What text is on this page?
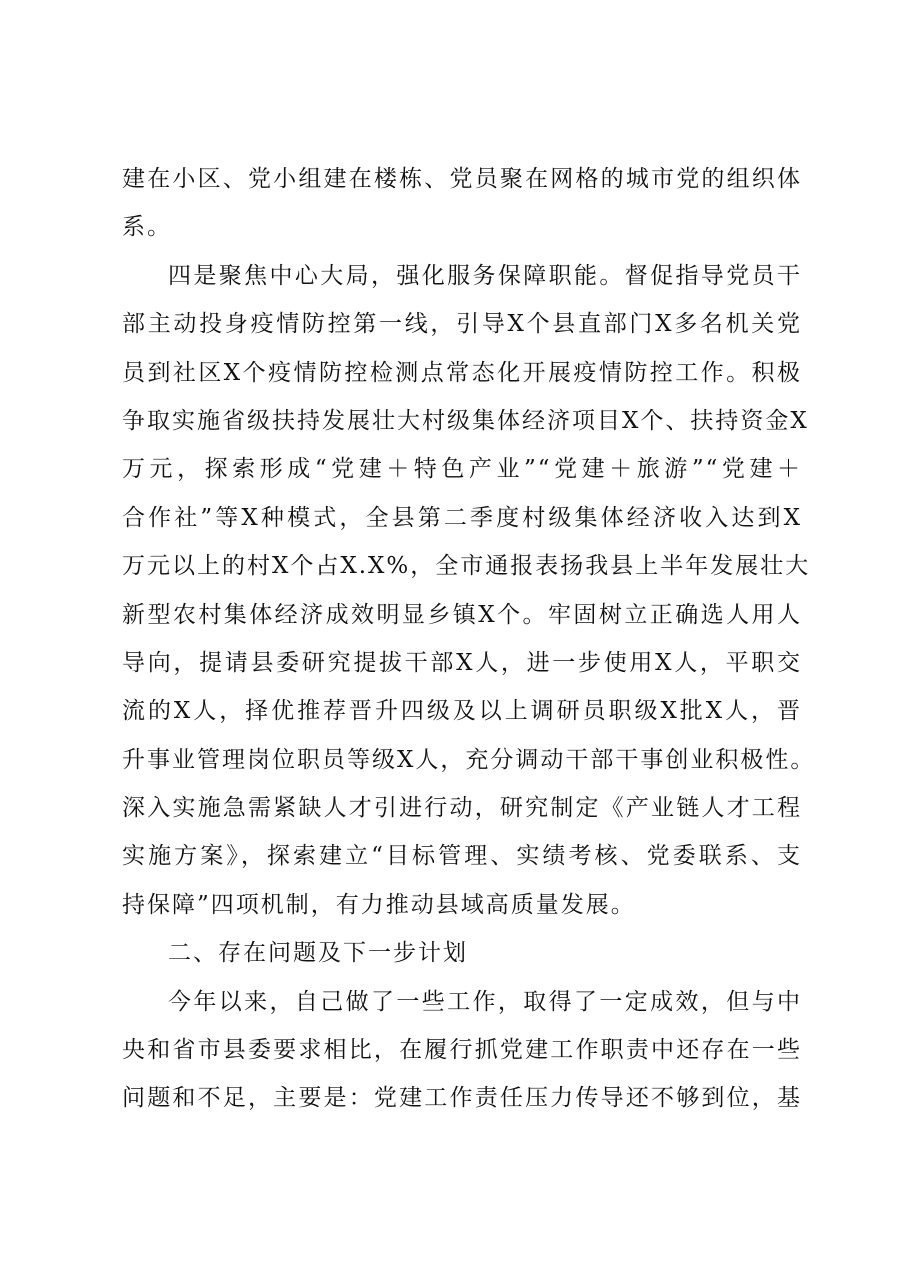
建在小区、党小组建在楼栋、党员聚在网格的城市党的组织体
系。
四是聚焦中心大局，强化服务保障职能。督促指导党员干
部主动投身疫情防控第一线，引导X个县直部门X多名机关党
员到社区X个疫情防控检测点常态化开展疫情防控工作。积极
争取实施省级扶持发展壮大村级集体经济项目X个、扶持资金X
万元，探索形成“党建＋特色产业”“党建＋旅游”“党建＋
合作社”等X种模式，全县第二季度村级集体经济收入达到X
万元以上的村X个占X.X%，全市通报表扬我县上半年发展壮大
新型农村集体经济成效明显乡镇X个。牢固树立正确选人用人
导向，提请县委研究提拔干部X人，进一步使用X人，平职交
流的X人，择优推荐晋升四级及以上调研员职级X批X人，晋
升事业管理岗位职员等级X人，充分调动干部干事创业积极性。
深入实施急需紧缺人才引进行动，研究制定《产业链人才工程
实施方案》，探索建立“目标管理、实绩考核、党委联系、支
持保障”四项机制，有力推动县域高质量发展。
二、存在问题及下一步计划
今年以来，自己做了一些工作，取得了一定成效，但与中
央和省市县委要求相比，在履行抓党建工作职责中还存在一些
问题和不足，主要是：党建工作责任压力传导还不够到位，基
